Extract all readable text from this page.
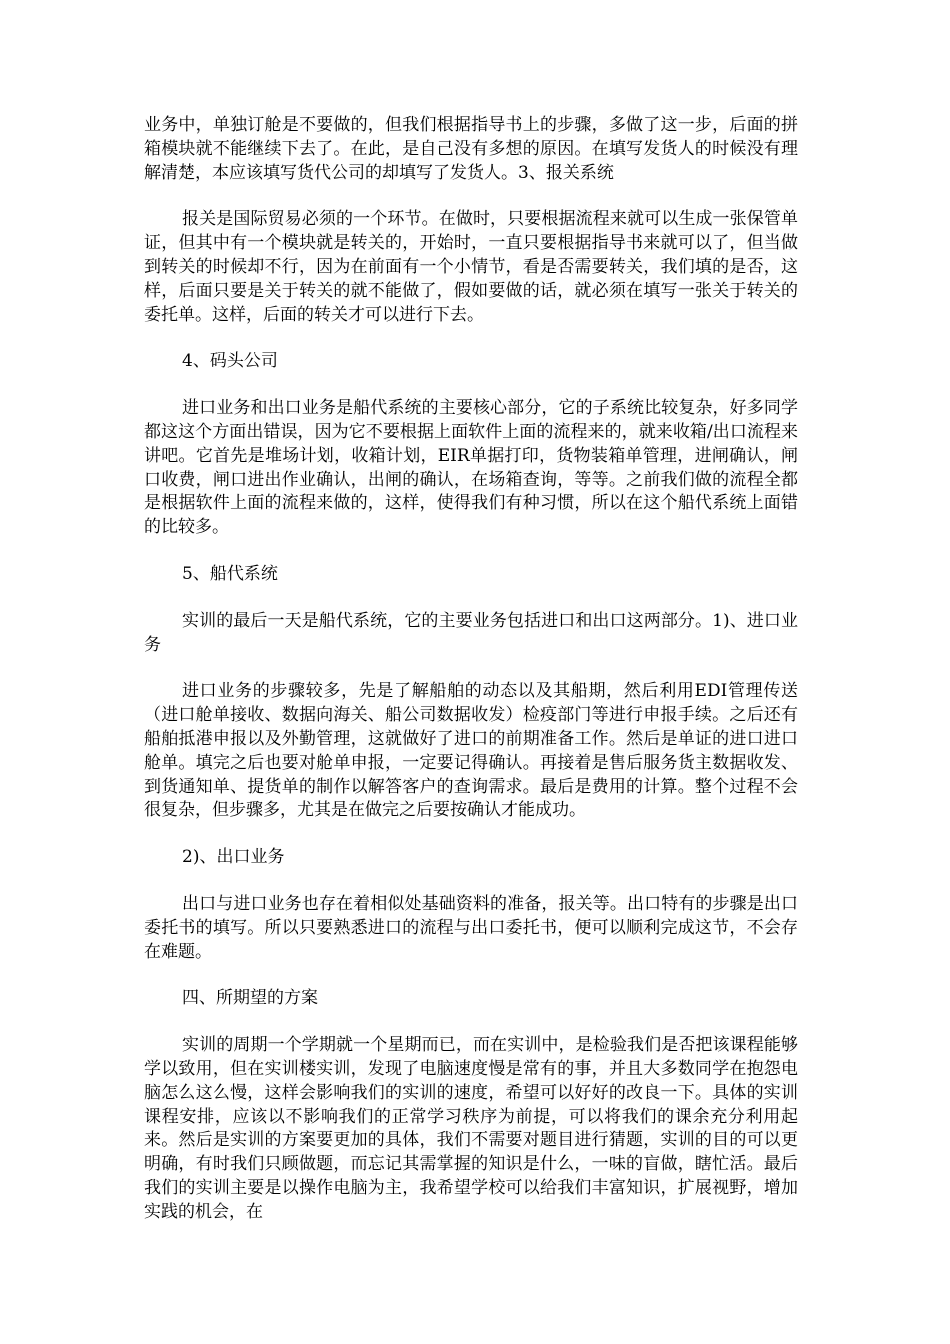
业务中，单独订舱是不要做的，但我们根据指导书上的步骤，多做了这一步，后面的拼箱模块就不能继续下去了。在此，是自己没有多想的原因。在填写发货人的时候没有理解清楚，本应该填写货代公司的却填写了发货人。3、报关系统

报关是国际贸易必须的一个环节。在做时，只要根据流程来就可以生成一张保管单证，但其中有一个模块就是转关的，开始时，一直只要根据指导书来就可以了，但当做到转关的时候却不行，因为在前面有一个小情节，看是否需要转关，我们填的是否，这样，后面只要是关于转关的就不能做了，假如要做的话，就必须在填写一张关于转关的委托单。这样，后面的转关才可以进行下去。

4、码头公司

进口业务和出口业务是船代系统的主要核心部分，它的子系统比较复杂，好多同学都这这个方面出错误，因为它不要根据上面软件上面的流程来的，就来收箱/出口流程来讲吧。它首先是堆场计划，收箱计划，EIR单据打印，货物装箱单管理，进闸确认，闸口收费，闸口进出作业确认，出闸的确认，在场箱查询，等等。之前我们做的流程全都是根据软件上面的流程来做的，这样，使得我们有种习惯，所以在这个船代系统上面错的比较多。

5、船代系统

实训的最后一天是船代系统，它的主要业务包括进口和出口这两部分。1)、进口业务

进口业务的步骤较多，先是了解船舶的动态以及其船期，然后利用EDI管理传送（进口舱单接收、数据向海关、船公司数据收发）检疫部门等进行申报手续。之后还有船舶抵港申报以及外勤管理，这就做好了进口的前期准备工作。然后是单证的进口进口舱单。填完之后也要对舱单申报，一定要记得确认。再接着是售后服务货主数据收发、到货通知单、提货单的制作以解答客户的查询需求。最后是费用的计算。整个过程不会很复杂，但步骤多，尤其是在做完之后要按确认才能成功。

2)、出口业务

出口与进口业务也存在着相似处基础资料的准备，报关等。出口特有的步骤是出口委托书的填写。所以只要熟悉进口的流程与出口委托书，便可以顺利完成这节，不会存在难题。

四、所期望的方案

实训的周期一个学期就一个星期而已，而在实训中，是检验我们是否把该课程能够学以致用，但在实训楼实训，发现了电脑速度慢是常有的事，并且大多数同学在抱怨电脑怎么这么慢，这样会影响我们的实训的速度，希望可以好好的改良一下。具体的实训课程安排，应该以不影响我们的正常学习秩序为前提，可以将我们的课余充分利用起来。然后是实训的方案要更加的具体，我们不需要对题目进行猜题，实训的目的可以更明确，有时我们只顾做题，而忘记其需掌握的知识是什么，一味的盲做，瞎忙活。最后我们的实训主要是以操作电脑为主，我希望学校可以给我们丰富知识，扩展视野，增加实践的机会，在
